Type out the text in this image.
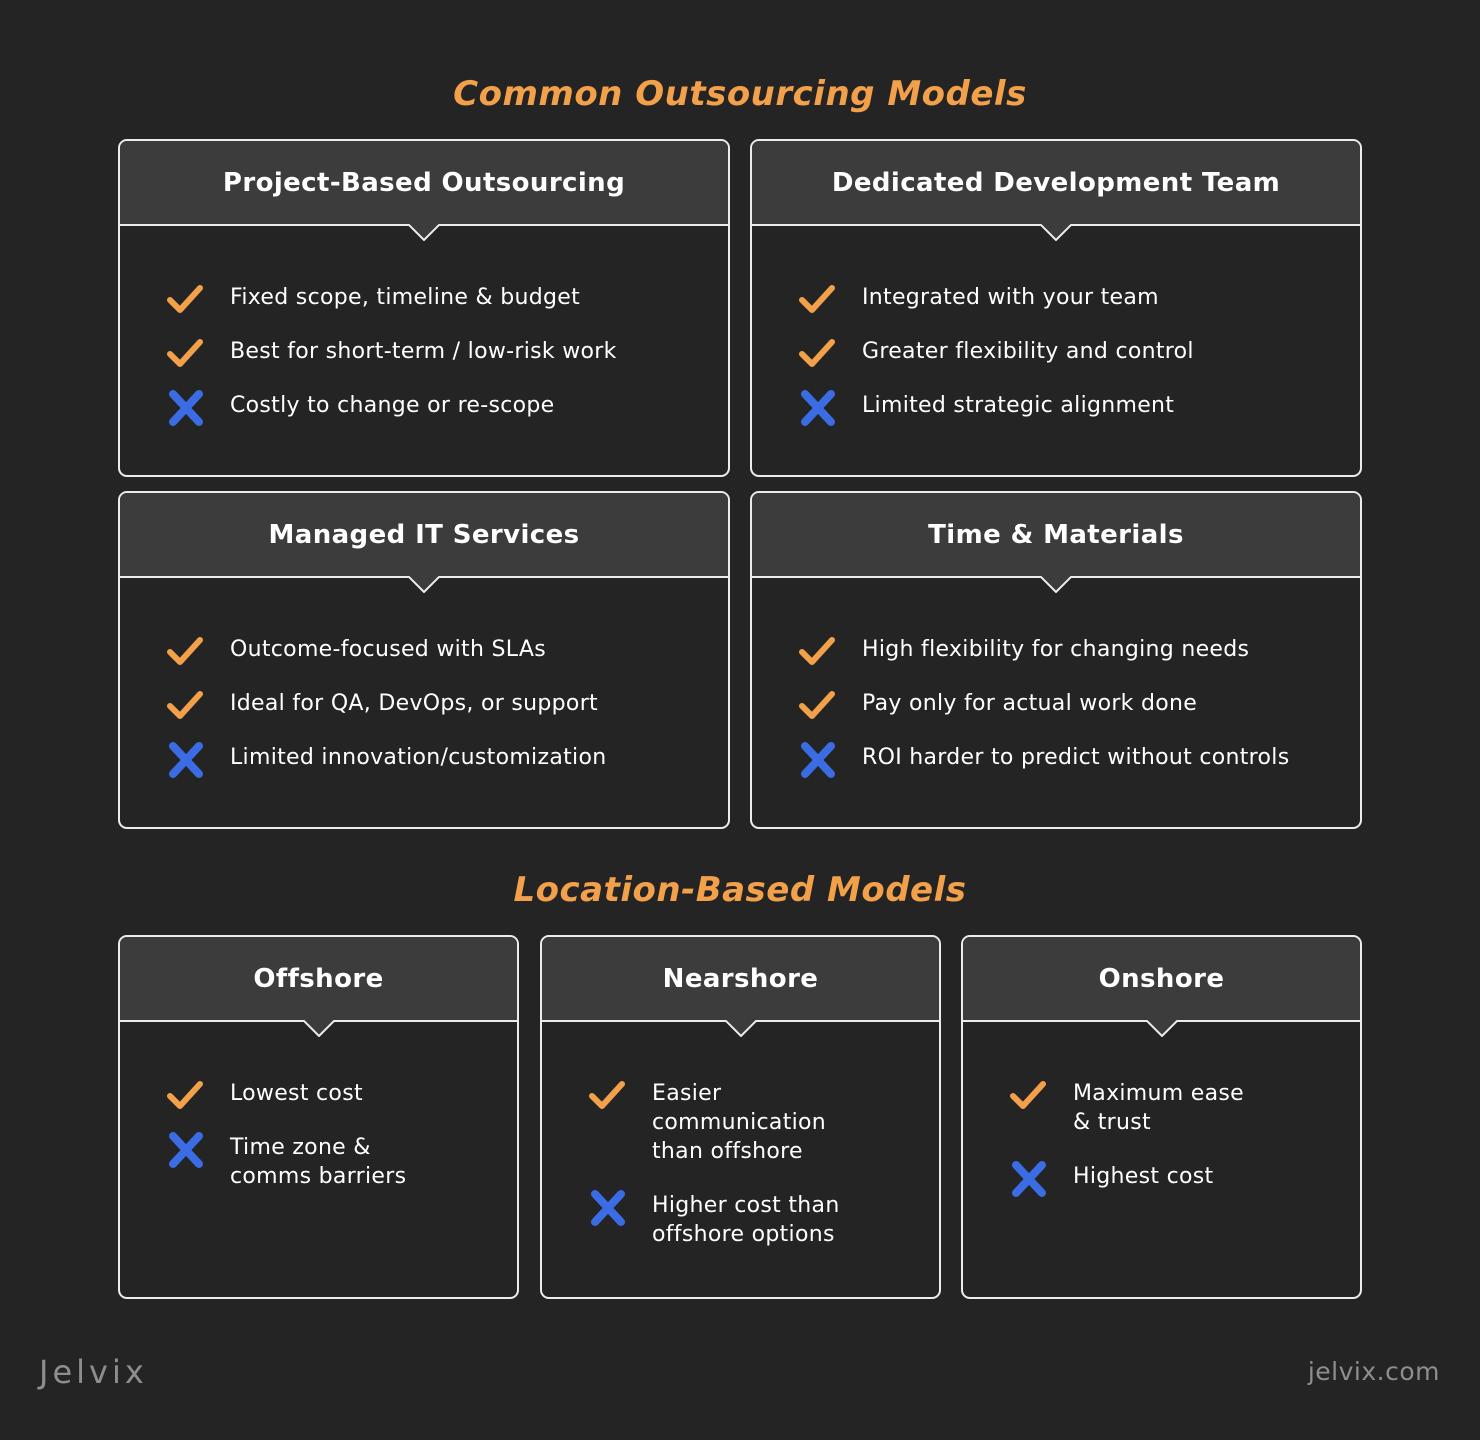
Common Outsourcing Models
Project-Based Outsourcing
Fixed scope, timeline & budget
Best for short-term / low-risk work
Costly to change or re-scope
Dedicated Development Team
Integrated with your team
Greater flexibility and control
Limited strategic alignment
Managed IT Services
Outcome-focused with SLAs
Ideal for QA, DevOps, or support
Limited innovation/customization
Time & Materials
High flexibility for changing needs
Pay only for actual work done
ROI harder to predict without controls
Location-Based Models
Offshore
Lowest cost
Time zone &
comms barriers
Nearshore
Easier
communication
than offshore
Higher cost than
offshore options
Onshore
Maximum ease
& trust
Highest cost
Jelvix	jelvix.com
